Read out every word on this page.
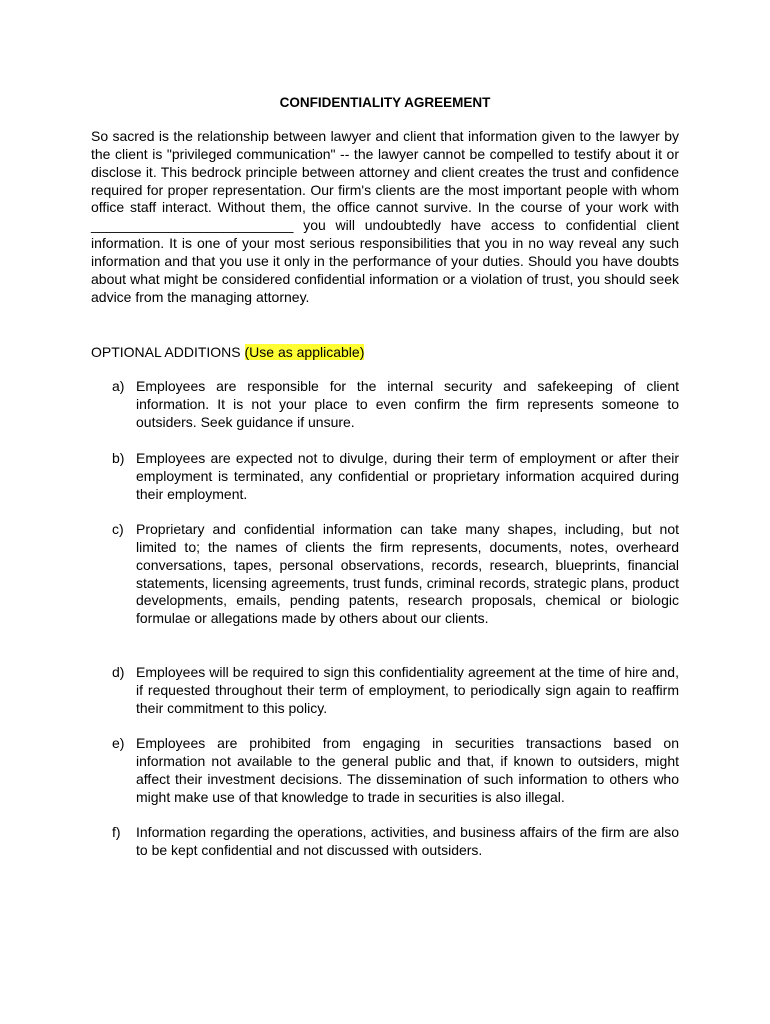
CONFIDENTIALITY AGREEMENT
So sacred is the relationship between lawyer and client that information given to the lawyer by the client is "privileged communication" -- the lawyer cannot be compelled to testify about it or disclose it. This bedrock principle between attorney and client creates the trust and confidence required for proper representation. Our firm's clients are the most important people with whom office staff interact. Without them, the office cannot survive. In the course of your work with __________________________ you will undoubtedly have access to confidential client information. It is one of your most serious responsibilities that you in no way reveal any such information and that you use it only in the performance of your duties. Should you have doubts about what might be considered confidential information or a violation of trust, you should seek advice from the managing attorney.
OPTIONAL ADDITIONS (Use as applicable)
a) Employees are responsible for the internal security and safekeeping of client information. It is not your place to even confirm the firm represents someone to outsiders. Seek guidance if unsure.
b) Employees are expected not to divulge, during their term of employment or after their employment is terminated, any confidential or proprietary information acquired during their employment.
c) Proprietary and confidential information can take many shapes, including, but not limited to; the names of clients the firm represents, documents, notes, overheard conversations, tapes, personal observations, records, research, blueprints, financial statements, licensing agreements, trust funds, criminal records, strategic plans, product developments, emails, pending patents, research proposals, chemical or biologic formulae or allegations made by others about our clients.
d) Employees will be required to sign this confidentiality agreement at the time of hire and, if requested throughout their term of employment, to periodically sign again to reaffirm their commitment to this policy.
e) Employees are prohibited from engaging in securities transactions based on information not available to the general public and that, if known to outsiders, might affect their investment decisions. The dissemination of such information to others who might make use of that knowledge to trade in securities is also illegal.
f)	Information regarding the operations, activities, and business affairs of the firm are also to be kept confidential and not discussed with outsiders.
